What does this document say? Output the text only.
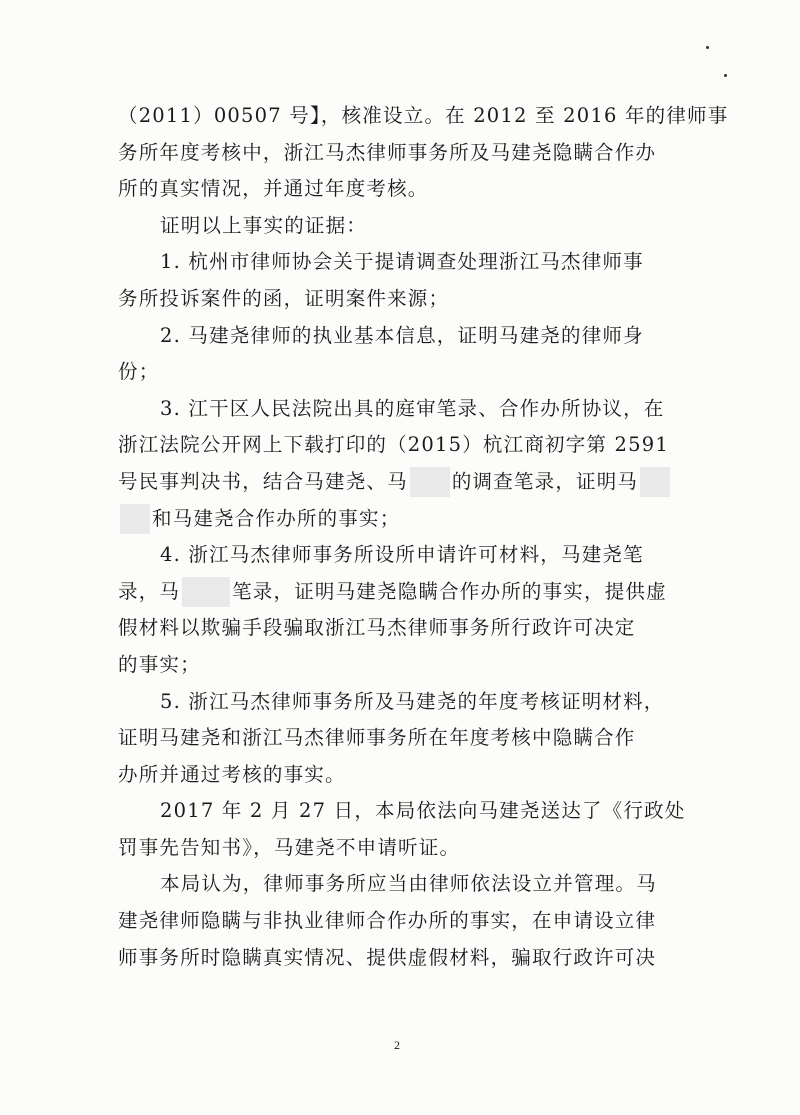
（2011）00507 号】，核准设立。在 2012 至 2016 年的律师事
务所年度考核中，浙江马杰律师事务所及马建尧隐瞒合作办
所的真实情况，并通过年度考核。
证明以上事实的证据：
1. 杭州市律师协会关于提请调查处理浙江马杰律师事
务所投诉案件的函，证明案件来源；
2. 马建尧律师的执业基本信息，证明马建尧的律师身
份；
3. 江干区人民法院出具的庭审笔录、合作办所协议，在
浙江法院公开网上下载打印的（2015）杭江商初字第 2591
号民事判决书，结合马建尧、马 的调查笔录，证明马
和马建尧合作办所的事实；
4. 浙江马杰律师事务所设所申请许可材料，马建尧笔
录，马	笔录，证明马建尧隐瞒合作办所的事实，提供虚
假材料以欺骗手段骗取浙江马杰律师事务所行政许可决定
的事实；
5. 浙江马杰律师事务所及马建尧的年度考核证明材料，
证明马建尧和浙江马杰律师事务所在年度考核中隐瞒合作
办所并通过考核的事实。
2017 年 2 月 27 日，本局依法向马建尧送达了《行政处
罚事先告知书》，马建尧不申请听证。
本局认为，律师事务所应当由律师依法设立并管理。马
建尧律师隐瞒与非执业律师合作办所的事实，在申请设立律
师事务所时隐瞒真实情况、提供虚假材料，骗取行政许可决
2
